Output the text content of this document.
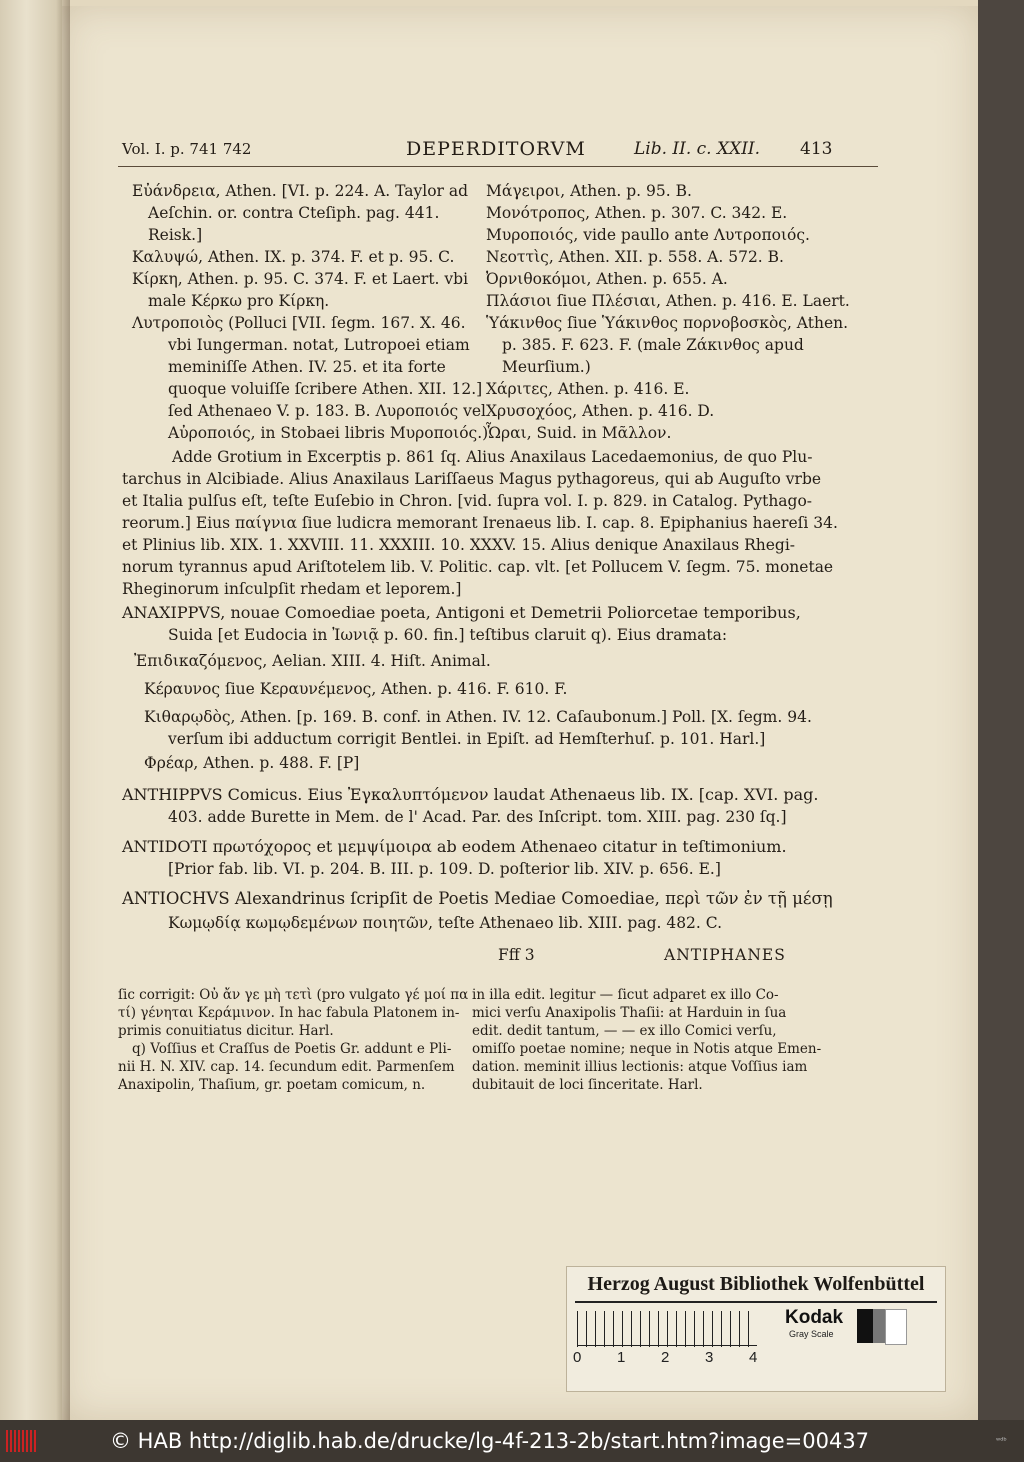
Vol. I. p. 741 742	DEPERDITORVM	Lib. II. c. XXII. 413
Εὐάνδρεια, Athen. [VI. p. 224. A. Taylor ad
Aeſchin. or. contra Cteſiph. pag. 441.
Reisk.]
Καλυψώ, Athen. IX. p. 374. F. et p. 95. C.
Κίρκη, Athen. p. 95. C. 374. F. et Laert. vbi
male Κέρκω pro Κίρκη.
Λυτροποιὸς (Polluci [VII. ſegm. 167. X. 46.
vbi Iungerman. notat, Lutropoei etiam
meminiſſe Athen. IV. 25. et ita forte
quoque voluiſſe ſcribere Athen. XII. 12.]
ſed Athenaeo V. p. 183. B. Λυροποιός vel
Αὐροποιός, in Stobaei libris Μυροποιός.)
Μάγειροι, Athen. p. 95. B.
Μονότροπος, Athen. p. 307. C. 342. E.
Μυροποιός, vide paullo ante Λυτροποιός.
Νεοττὶς, Athen. XII. p. 558. A. 572. B.
Ὀρνιθοκόμοι, Athen. p. 655. A.
Πλάσιοι ſiue Πλέσιαι, Athen. p. 416. E. Laert.
Ὑάκινθος ſiue Ὑάκινθος πορνοβοσκὸς, Athen.
p. 385. F. 623. F. (male Ζάκινθος apud
Meurſium.)
Χάριτες, Athen. p. 416. E.
Χρυσοχόος, Athen. p. 416. D.
Ὧραι, Suid. in Μᾶλλον.
Adde Grotium in Excerptis p. 861 ſq. Alius Anaxilaus Lacedaemonius, de quo Plu-
tarchus in Alcibiade. Alius Anaxilaus Lariſſaeus Magus pythagoreus, qui ab Auguſto vrbe
et Italia pulſus eſt, teſte Euſebio in Chron. [vid. ſupra vol. I. p. 829. in Catalog. Pythago-
reorum.] Eius παίγνια ſiue ludicra memorant Irenaeus lib. I. cap. 8. Epiphanius haereſi 34.
et Plinius lib. XIX. 1. XXVIII. 11. XXXIII. 10. XXXV. 15. Alius denique Anaxilaus Rhegi-
norum tyrannus apud Ariſtotelem lib. V. Politic. cap. vlt. [et Pollucem V. ſegm. 75. monetae
Rheginorum inſculpſit rhedam et leporem.]
ANAXIPPVS, nouae Comoediae poeta, Antigoni et Demetrii Poliorcetae temporibus,
Suida [et Eudocia in Ἰωνιᾷ p. 60. fin.] teſtibus claruit q). Eius dramata:
Ἐπιδικαζόμενος, Aelian. XIII. 4. Hiſt. Animal.
Κέραυνος ſiue Κεραυνέμενος, Athen. p. 416. F. 610. F.
Κιθαρῳδὸς, Athen. [p. 169. B. conf. in Athen. IV. 12. Caſaubonum.] Poll. [X. ſegm. 94.
verſum ibi adductum corrigit Bentlei. in Epiſt. ad Hemſterhuſ. p. 101. Harl.]
Φρέαρ, Athen. p. 488. F. [P]
ANTHIPPVS Comicus. Eius Ἐγκαλυπτόμενον laudat Athenaeus lib. IX. [cap. XVI. pag.
403. adde Burette in Mem. de l' Acad. Par. des Inſcript. tom. XIII. pag. 230 ſq.]
ANTIDOTI πρωτόχορος et μεμψίμοιρα ab eodem Athenaeo citatur in teſtimonium.
[Prior fab. lib. VI. p. 204. B. III. p. 109. D. poſterior lib. XIV. p. 656. E.]
ANTIOCHVS Alexandrinus ſcripſit de Poetis Mediae Comoediae, περὶ τῶν ἐν τῇ μέσῃ
Κωμῳδίᾳ κωμῳδεμένων ποιητῶν, teſte Athenaeo lib. XIII. pag. 482. C.
Fff 3	ANTIPHANES
ſic corrigit: Οὐ ἄν γε μὴ τετὶ (pro vulgato γέ μοί πα
τί) γένηται Κεράμινον. In hac fabula Platonem in-
primis conuitiatus dicitur. Harl.
q) Voſſius et Craſſus de Poetis Gr. addunt e Pli-
nii H. N. XIV. cap. 14. ſecundum edit. Parmenſem
Anaxipolin, Thaſium, gr. poetam comicum, n.
in illa edit. legitur — ſicut adparet ex illo Co-
mici verſu Anaxipolis Thaſii: at Harduin in ſua
edit. dedit tantum, — — ex illo Comici verſu,
omiſſo poetae nomine; neque in Notis atque Emen-
dation. meminit illius lectionis: atque Voſſius iam
dubitauit de loci ſinceritate. Harl.
Herzog August Bibliothek Wolfenbüttel
0 1 2 3 4
Kodak
Gray Scale
© HAB http://diglib.hab.de/drucke/lg-4f-213-2b/start.htm?image=00437	ʷᵈᵇ
